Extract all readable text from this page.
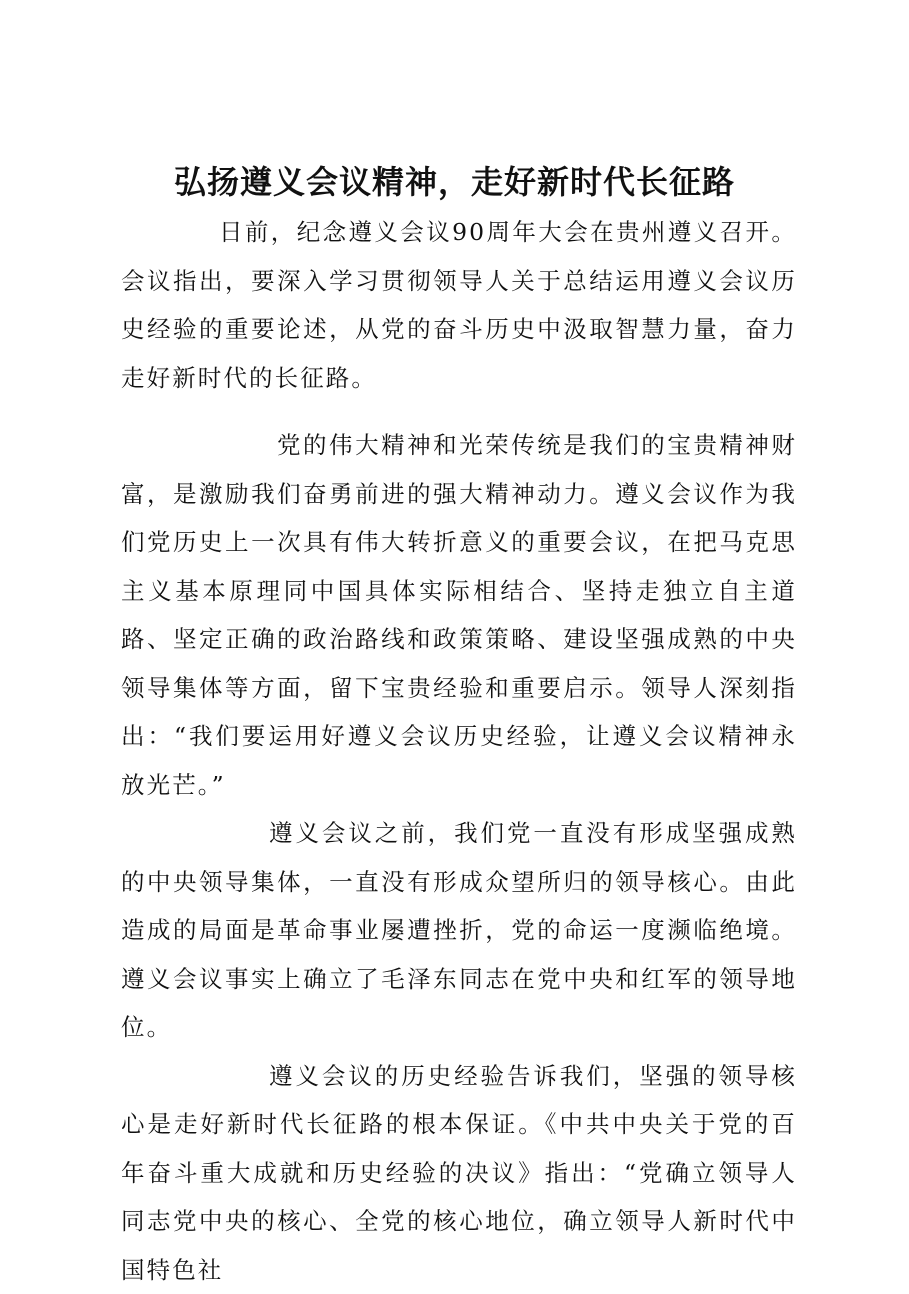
弘扬遵义会议精神，走好新时代长征路

日前，纪念遵义会议90周年大会在贵州遵义召开。会议指出，要深入学习贯彻领导人关于总结运用遵义会议历史经验的重要论述，从党的奋斗历史中汲取智慧力量，奋力走好新时代的长征路。

党的伟大精神和光荣传统是我们的宝贵精神财富，是激励我们奋勇前进的强大精神动力。遵义会议作为我们党历史上一次具有伟大转折意义的重要会议，在把马克思主义基本原理同中国具体实际相结合、坚持走独立自主道路、坚定正确的政治路线和政策策略、建设坚强成熟的中央领导集体等方面，留下宝贵经验和重要启示。领导人深刻指出：“我们要运用好遵义会议历史经验，让遵义会议精神永放光芒。”

遵义会议之前，我们党一直没有形成坚强成熟的中央领导集体，一直没有形成众望所归的领导核心。由此造成的局面是革命事业屡遭挫折，党的命运一度濒临绝境。遵义会议事实上确立了毛泽东同志在党中央和红军的领导地位。

遵义会议的历史经验告诉我们，坚强的领导核心是走好新时代长征路的根本保证。《中共中央关于党的百年奋斗重大成就和历史经验的决议》指出：“党确立领导人同志党中央的核心、全党的核心地位，确立领导人新时代中国特色社
